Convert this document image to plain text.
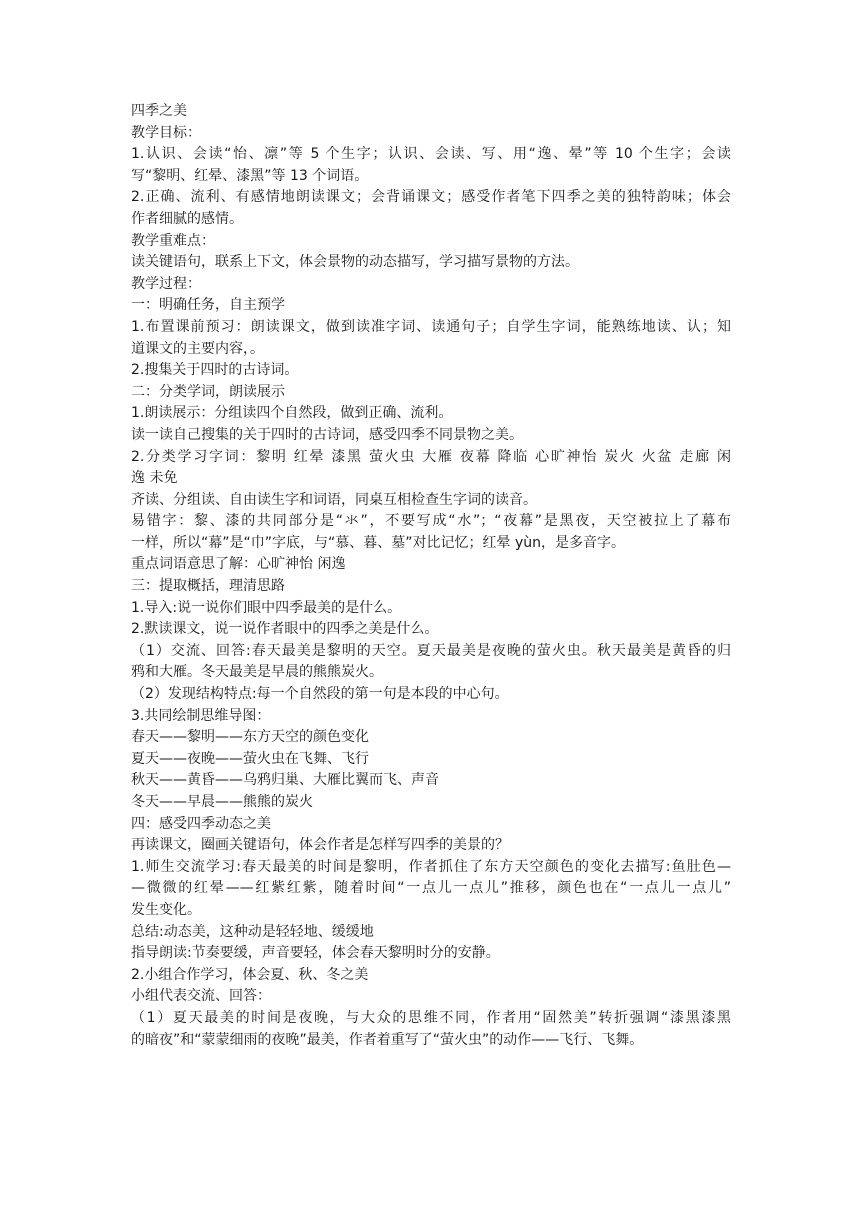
四季之美
教学目标：
1.认识、会读“怡、凛”等 5 个生字；认识、会读、写、用“逸、晕”等 10 个生字；会读
写“黎明、红晕、漆黑”等 13 个词语。
2.正确、流利、有感情地朗读课文；会背诵课文；感受作者笔下四季之美的独特韵味；体会
作者细腻的感情。
教学重难点：
读关键语句，联系上下文，体会景物的动态描写，学习描写景物的方法。
教学过程：
一：明确任务，自主预学
1.布置课前预习：朗读课文，做到读准字词、读通句子；自学生字词，能熟练地读、认；知
道课文的主要内容，。
2.搜集关于四时的古诗词。
二：分类学词，朗读展示
1.朗读展示：分组读四个自然段，做到正确、流利。
读一读自己搜集的关于四时的古诗词，感受四季不同景物之美。
2.分类学习字词：黎明 红晕 漆黑 萤火虫 大雁 夜幕 降临 心旷神怡 炭火 火盆 走廊 闲
逸 未免
齐读、分组读、自由读生字和词语，同桌互相检查生字词的读音。
易错字：黎、漆的共同部分是“氺”，不要写成“水”；“夜幕”是黑夜，天空被拉上了幕布
一样，所以“幕”是“巾”字底，与“慕、暮、墓”对比记忆；红晕 yùn，是多音字。
重点词语意思了解：心旷神怡 闲逸
三：提取概括，理清思路
1.导入:说一说你们眼中四季最美的是什么。
2.默读课文，说一说作者眼中的四季之美是什么。
（1）交流、回答:春天最美是黎明的天空。夏天最美是夜晚的萤火虫。秋天最美是黄昏的归
鸦和大雁。冬天最美是早晨的熊熊炭火。
（2）发现结构特点:每一个自然段的第一句是本段的中心句。
3.共同绘制思维导图：
春天——黎明——东方天空的颜色变化
夏天——夜晚——萤火虫在飞舞、飞行
秋天——黄昏——乌鸦归巢、大雁比翼而飞、声音
冬天——早晨——熊熊的炭火
四：感受四季动态之美
再读课文，圈画关键语句，体会作者是怎样写四季的美景的？
1.师生交流学习:春天最美的时间是黎明，作者抓住了东方天空颜色的变化去描写:鱼肚色—
—微微的红晕——红紫红紫，随着时间“一点儿一点儿”推移，颜色也在“一点儿一点儿”
发生变化。
总结:动态美，这种动是轻轻地、缓缓地
指导朗读:节奏要缓，声音要轻，体会春天黎明时分的安静。
2.小组合作学习，体会夏、秋、冬之美
小组代表交流、回答：
（1）夏天最美的时间是夜晚，与大众的思维不同，作者用“固然美”转折强调“漆黑漆黑
的暗夜”和“蒙蒙细雨的夜晚”最美，作者着重写了“萤火虫”的动作——飞行、飞舞。
